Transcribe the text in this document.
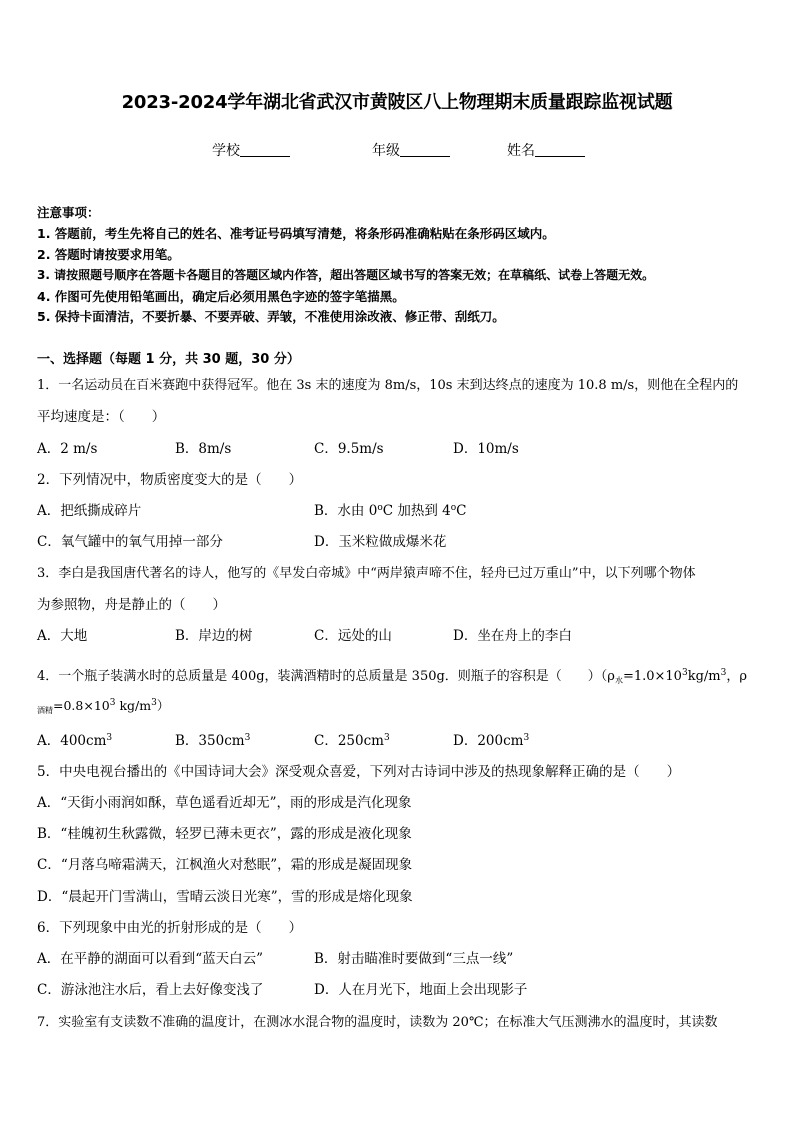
2023-2024学年湖北省武汉市黄陂区八上物理期末质量跟踪监视试题
学校	年级	姓名
注意事项：
1. 答题前，考生先将自己的姓名、准考证号码填写清楚，将条形码准确粘贴在条形码区域内。
2. 答题时请按要求用笔。
3. 请按照题号顺序在答题卡各题目的答题区域内作答，超出答题区域书写的答案无效；在草稿纸、试卷上答题无效。
4. 作图可先使用铅笔画出，确定后必须用黑色字迹的签字笔描黑。
5. 保持卡面清洁，不要折暴、不要弄破、弄皱，不准使用涂改液、修正带、刮纸刀。
一、选择题（每题 1 分，共 30 题，30 分）
1．一名运动员在百米赛跑中获得冠军。他在 3s 末的速度为 8m/s，10s 末到达终点的速度为 10.8 m/s，则他在全程内的
平均速度是：（　　）
A．2 m/s	B．8m/s	C．9.5m/s	D．10m/s
2．下列情况中，物质密度变大的是（　　）
A．把纸撕成碎片	B．水由 0$^o$C 加热到 4$^o$C
C．氧气罐中的氧气用掉一部分	D．玉米粒做成爆米花
3．李白是我国唐代著名的诗人，他写的《早发白帝城》中“两岸猿声啼不住，轻舟已过万重山”中，以下列哪个物体
为参照物，舟是静止的（　　）
A．大地	B．岸边的树	C．远处的山	D．坐在舟上的李白
4．一个瓶子装满水时的总质量是 400g，装满酒精时的总质量是 350g．则瓶子的容积是（　　）（$\rho_水=1.0\times 10^3kg/m^3$，ρ
$_{酒精}=0.8\times 10^3$ $kg/m^3$）
A．$400cm^3$	B．$350cm^3$	C．$250cm^3$	D．$200cm^3$
5．中央电视台播出的《中国诗词大会》深受观众喜爱，下列对古诗词中涉及的热现象解释正确的是（　　）
A．“天街小雨润如酥，草色遥看近却无”，雨的形成是汽化现象
B．“桂魄初生秋露微，轻罗已薄未更衣”，露的形成是液化现象
C．“月落乌啼霜满天，江枫渔火对愁眠”，霜的形成是凝固现象
D．“晨起开门雪满山，雪晴云淡日光寒”，雪的形成是熔化现象
6．下列现象中由光的折射形成的是（　　）
A．在平静的湖面可以看到“蓝天白云”	B．射击瞄准时要做到“三点一线”
C．游泳池注水后，看上去好像变浅了	D．人在月光下，地面上会出现影子
7．实验室有支读数不准确的温度计，在测冰水混合物的温度时，读数为 20℃；在标准大气压测沸水的温度时，其读数
